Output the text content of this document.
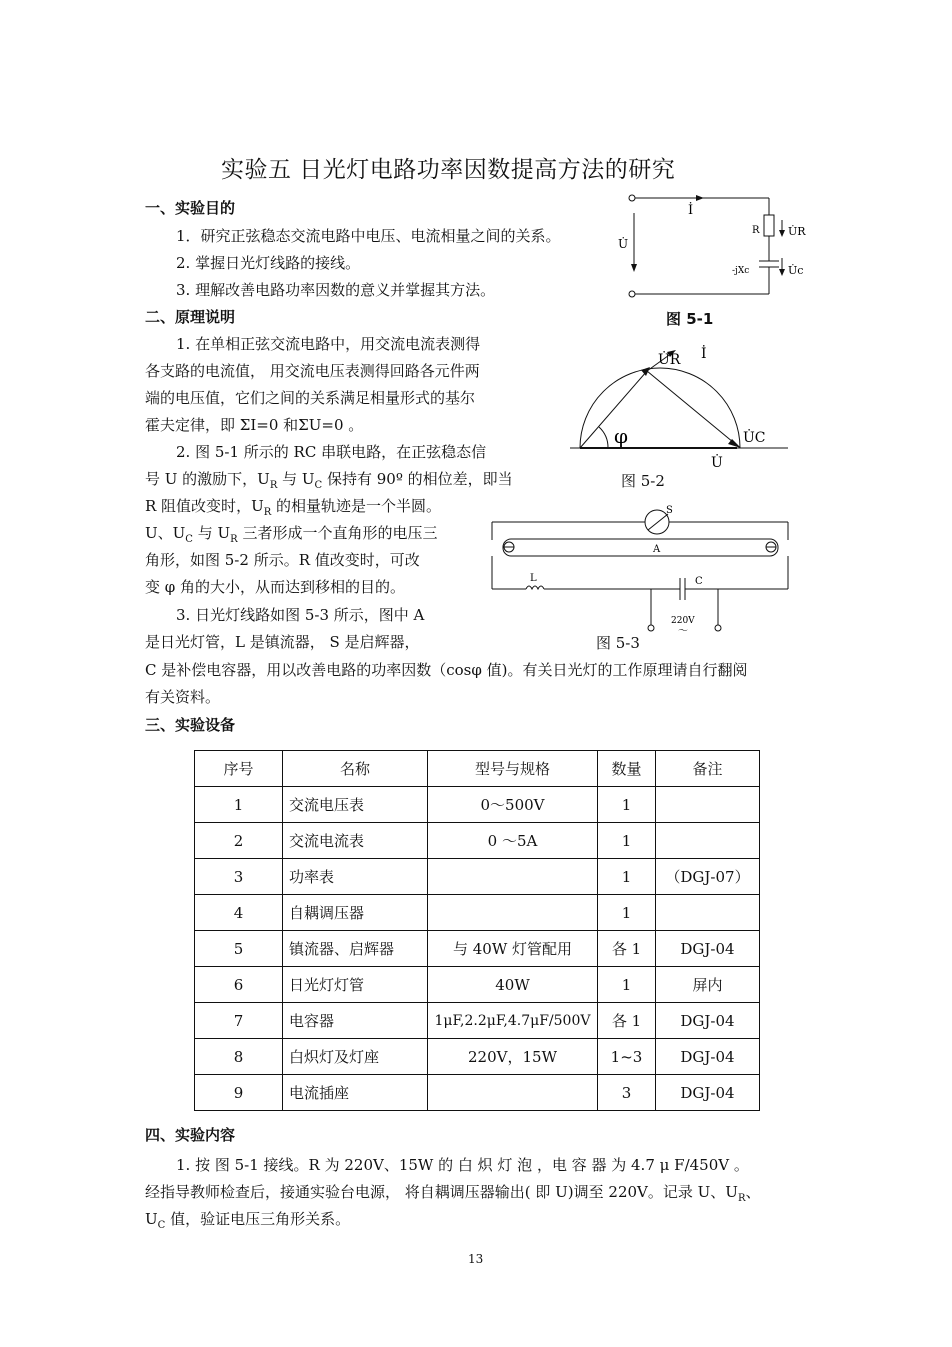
实验五 日光灯电路功率因数提高方法的研究
一、实验目的
1．研究正弦稳态交流电路中电压、电流相量之间的关系。
2. 掌握日光灯线路的接线。
3. 理解改善电路功率因数的意义并掌握其方法。
二、原理说明
1. 在单相正弦交流电路中，用交流电流表测得
各支路的电流值， 用交流电压表测得回路各元件两
端的电压值，它们之间的关系满足相量形式的基尔
霍夫定律，即 ΣI=0 和ΣU=0 。
2. 图 5-1 所示的 RC 串联电路，在正弦稳态信
号 U 的激励下，$U_R$ 与 $U_C$ 保持有 90º 的相位差，即当
R 阻值改变时，$U_R$ 的相量轨迹是一个半圆。
U、$U_C$ 与 $U_R$ 三者形成一个直角形的电压三
角形，如图 5-2 所示。R 值改变时，可改
变 φ 角的大小，从而达到移相的目的。
3. 日光灯线路如图 5-3 所示，图中 A
是日光灯管，L 是镇流器， S 是启辉器，
C 是补偿电容器，用以改善电路的功率因数（cosφ 值)。有关日光灯的工作原理请自行翻阅
有关资料。
İ
U̇
R	U̇R
-jXc	U̇c
图 5-1
U̇R İ
φ	U̇C
U̇
图 5-2
S
A
L	C
220V
～
图 5-3
三、实验设备
序号	名称	型号与规格	数量	备注
1	交流电压表	0～500V	1	
2	交流电流表	0 ～5A	1	
3	功率表		1	（DGJ-07）
4	自耦调压器		1	
5	镇流器、启辉器	与 40W 灯管配用	各 1	DGJ-04
6	日光灯灯管	40W	1	屏内
7	电容器	1μF,2.2μF,4.7μF/500V	各 1	DGJ-04
8	白炽灯及灯座	220V，15W	1~3	DGJ-04
9	电流插座		3	DGJ-04
四、实验内容
1. 按 图 5-1 接线。R 为 220V、15W 的 白 炽 灯 泡 ，电 容 器 为 4.7 μ F/450V 。
经指导教师检查后，接通实验台电源， 将自耦调压器输出( 即 U)调至 220V。记录 U、$U_R$、
$U_C$ 值，验证电压三角形关系。
13
